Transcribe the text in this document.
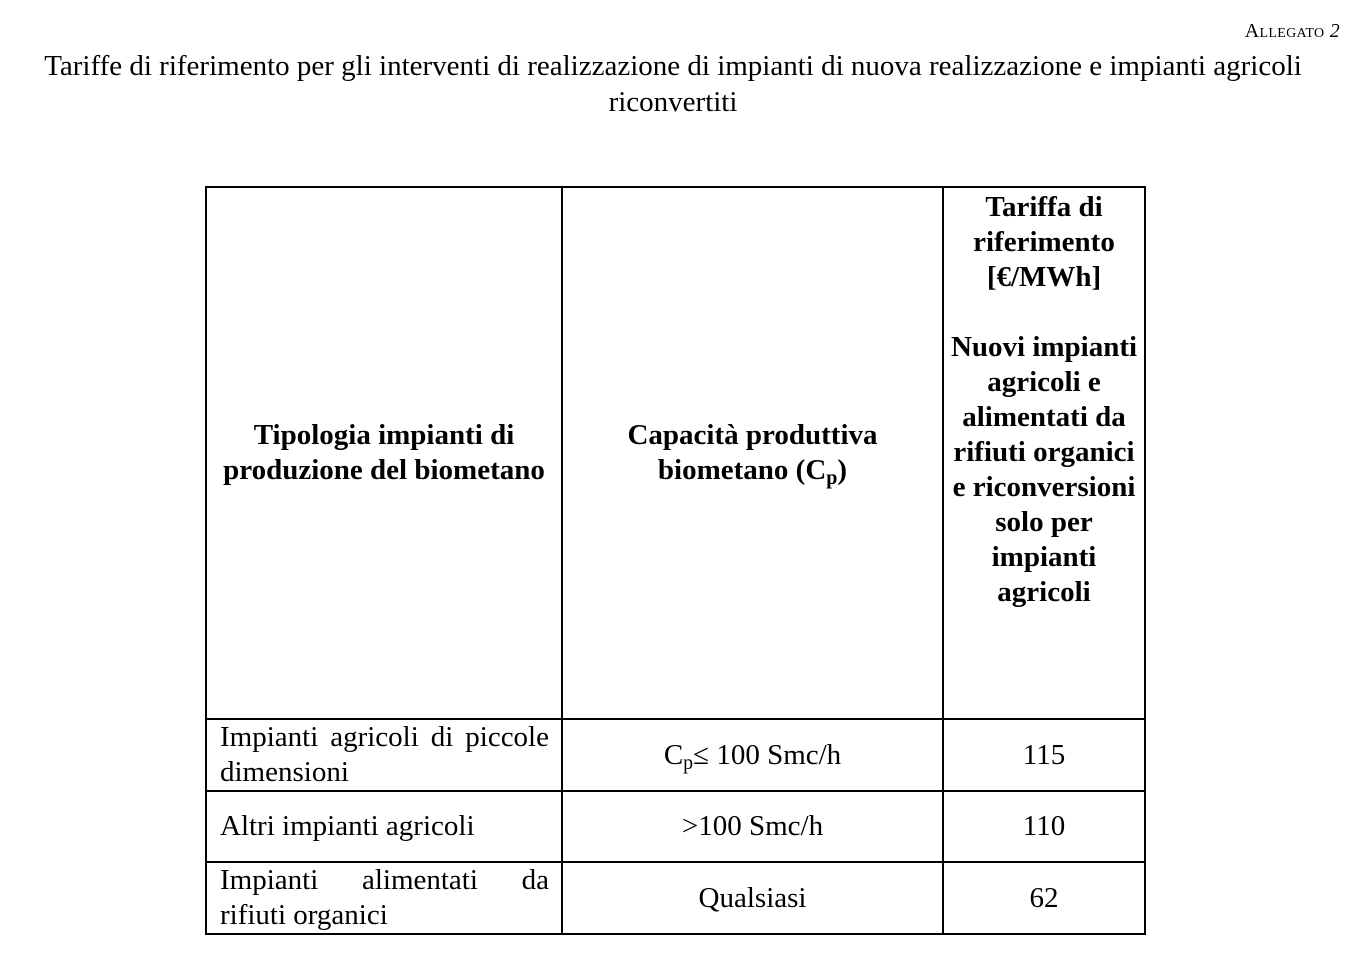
Allegato 2
Tariffe di riferimento per gli interventi di realizzazione di impianti di nuova realizzazione e impianti agricoli riconvertiti
Tipologia impianti di produzione del biometano	Capacità produttiva biometano $(C_p)$	Tariffa di riferimento [€/MWh]
Nuovi impianti agricoli e alimentati da rifiuti organici e riconversioni solo per impianti agricoli

Impianti agricoli di piccole dimensioni	$C_p\le 100$ Smc/h	115
Altri impianti agricoli	>100 Smc/h	110
Impianti alimentati da rifiuti organici	Qualsiasi	62
